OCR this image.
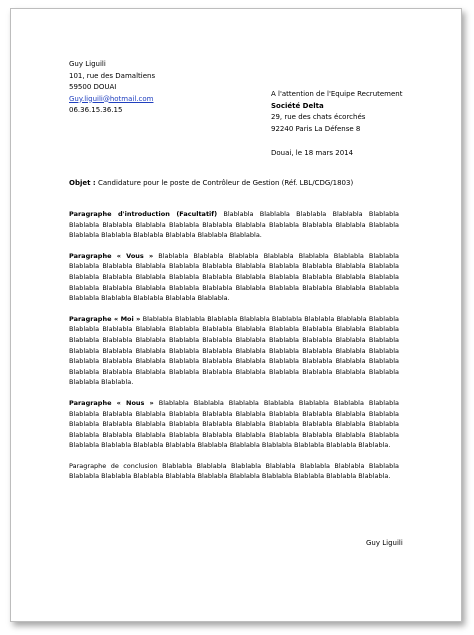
Guy Liguili
101, rue des Damaltiens
59500 DOUAI
Guy.liguili@hotmail.com
06.36.15.36.15
A l'attention de l'Equipe Recrutement
Société Delta
29, rue des chats écorchés
92240 Paris La Défense 8
Douai, le 18 mars 2014
Objet : Candidature pour le poste de Contrôleur de Gestion (Réf. LBL/CDG/1803)

Paragraphe d'introduction (Facultatif) Blablabla Blablabla Blablabla Blablabla Blablabla Blablabla Blablabla Blablabla Blablabla Blablabla Blablabla Blablabla Blablabla Blablabla Blablabla Blablabla Blablabla Blablabla Blablabla Blablabla Blablabla.

Paragraphe « Vous » Blablabla Blablabla Blablabla Blablabla Blablabla Blablabla Blablabla Blablabla Blablabla Blablabla Blablabla Blablabla Blablabla Blablabla Blablabla Blablabla Blablabla Blablabla Blablabla Blablabla Blablabla Blablabla Blablabla Blablabla Blablabla Blablabla Blablabla Blablabla Blablabla Blablabla Blablabla Blablabla Blablabla Blablabla Blablabla Blablabla Blablabla Blablabla Blablabla Blablabla Blablabla Blablabla.

Paragraphe « Moi » Blablabla Blablabla Blablabla Blablabla Blablabla Blablabla Blablabla Blablabla Blablabla Blablabla Blablabla Blablabla Blablabla Blablabla Blablabla Blablabla Blablabla Blablabla Blablabla Blablabla Blablabla Blablabla Blablabla Blablabla Blablabla Blablabla Blablabla Blablabla Blablabla Blablabla Blablabla Blablabla Blablabla Blablabla Blablabla Blablabla Blablabla Blablabla Blablabla Blablabla Blablabla Blablabla Blablabla Blablabla Blablabla Blablabla Blablabla Blablabla Blablabla Blablabla Blablabla Blablabla Blablabla Blablabla Blablabla Blablabla Blablabla Blablabla Blablabla Blablabla.

Paragraphe « Nous » Blablabla Blablabla Blablabla Blablabla Blablabla Blablabla Blablabla Blablabla Blablabla Blablabla Blablabla Blablabla Blablabla Blablabla Blablabla Blablabla Blablabla Blablabla Blablabla Blablabla Blablabla Blablabla Blablabla Blablabla Blablabla Blablabla Blablabla Blablabla Blablabla Blablabla Blablabla Blablabla Blablabla Blablabla Blablabla Blablabla Blablabla Blablabla Blablabla Blablabla Blablabla Blablabla Blablabla Blablabla Blablabla Blablabla Blablabla.

Paragraphe de conclusion Blablabla Blablabla Blablabla Blablabla Blablabla Blablabla Blablabla Blablabla Blablabla Blablabla Blablabla Blablabla Blablabla Blablabla Blablabla Blablabla Blablabla.

Guy Liguili
